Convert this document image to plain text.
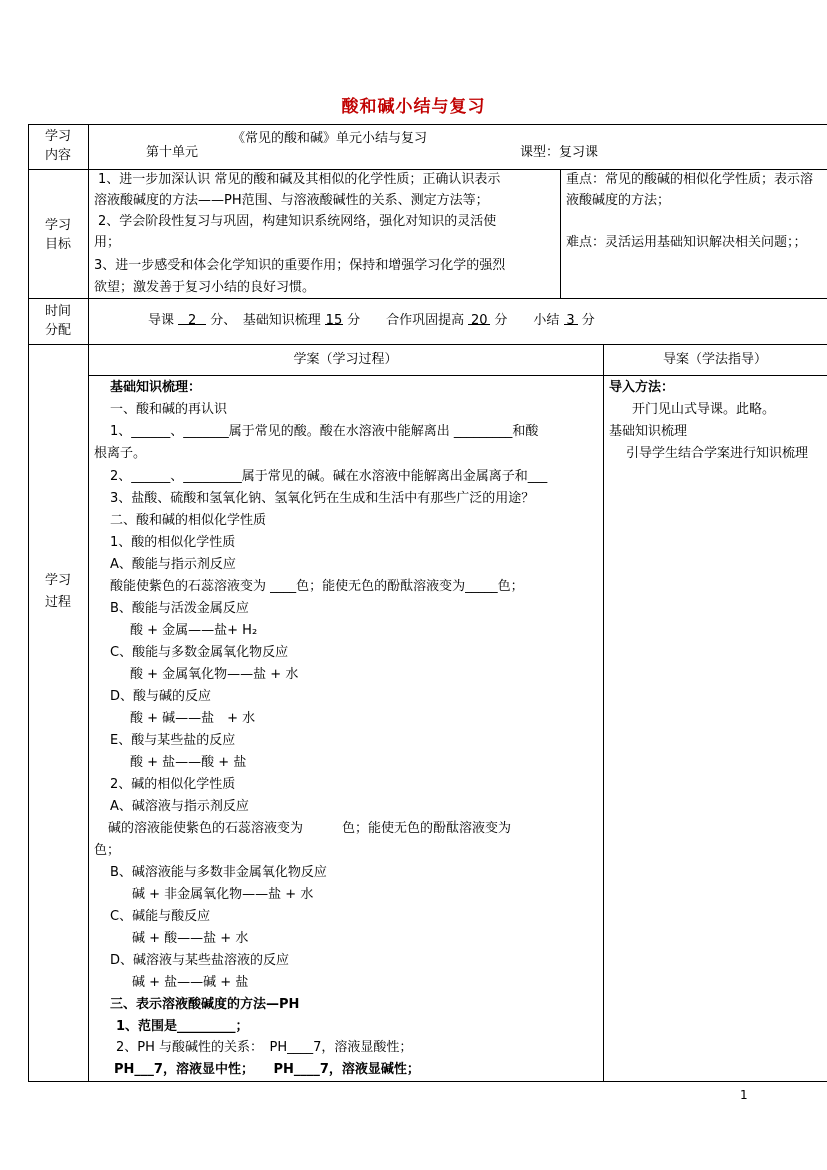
酸和碱小结与复习
学习
内容	第十单元
《常见的酸和碱》单元小结与复习
课型：复习课
学习
目标
1、进一步加深认识 常见的酸和碱及其相似的化学性质；正确认识表示
溶液酸碱度的方法——PH范围、与溶液酸碱性的关系、测定方法等；
2、学会阶段性复习与巩固，构建知识系统网络，强化对知识的灵活使
用；
3、进一步感受和体会化学知识的重要作用；保持和增强学习化学的强烈
欲望；激发善于复习小结的良好习惯。
重点：常见的酸碱的相似化学性质；表示溶
液酸碱度的方法；
难点：灵活运用基础知识解决相关问题；；
时间
分配
导课 2 分、　基础知识梳理 15 分　　合作巩固提高 20 分　　小结 3 分
学习
过程
学案（学习过程）	导案（学法指导）
基础知识梳理：
一、酸和碱的再认识
1、______、_______属于常见的酸。酸在水溶液中能解离出 _________和酸
根离子。
2、______、_________属于常见的碱。碱在水溶液中能解离出金属离子和___
3、盐酸、硫酸和氢氧化钠、氢氧化钙在生成和生活中有那些广泛的用途？
二、酸和碱的相似化学性质
1、酸的相似化学性质
A、酸能与指示剂反应
酸能使紫色的石蕊溶液变为 ____色；能使无色的酚酞溶液变为_____色；
B、酸能与活泼金属反应
酸 + 金属——盐+ H₂
C、酸能与多数金属氧化物反应
酸 + 金属氧化物——盐 + 水
D、酸与碱的反应
酸 + 碱——盐　+ 水
E、酸与某些盐的反应
酸 + 盐——酸 + 盐
2、碱的相似化学性质
A、碱溶液与指示剂反应
碱的溶液能使紫色的石蕊溶液变为　　　色；能使无色的酚酞溶液变为
色；
B、碱溶液能与多数非金属氧化物反应
碱 + 非金属氧化物——盐 + 水
C、碱能与酸反应
碱 + 酸——盐 + 水
D、碱溶液与某些盐溶液的反应
碱 + 盐——碱 + 盐
三、表示溶液酸碱度的方法—PH
1、范围是_________；
2、PH 与酸碱性的关系：　PH____7，溶液显酸性；
PH___7，溶液显中性；　　PH____7，溶液显碱性；
导入方法：
开门见山式导课。此略。
基础知识梳理
引导学生结合学案进行知识梳理
1
